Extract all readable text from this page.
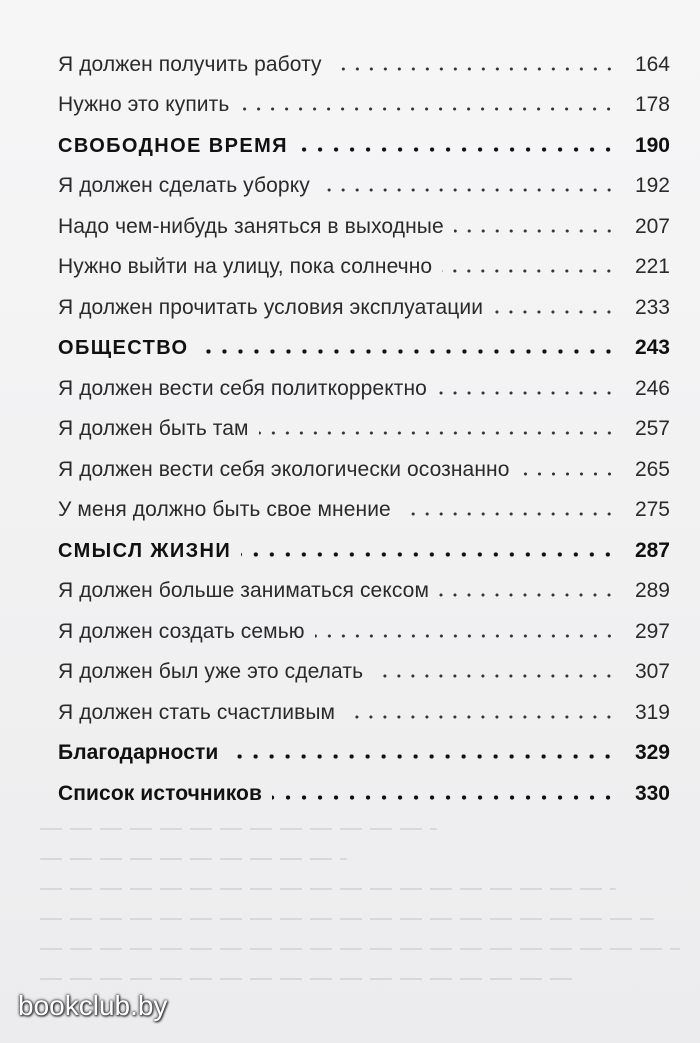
Я должен получить работу	164
Нужно это купить	178
СВОБОДНОЕ ВРЕМЯ	190
Я должен сделать уборку	192
Надо чем-нибудь заняться в выходные	207
Нужно выйти на улицу, пока солнечно	221
Я должен прочитать условия эксплуатации	233
ОБЩЕСТВО	243
Я должен вести себя политкорректно	246
Я должен быть там	257
Я должен вести себя экологически осознанно	265
У меня должно быть свое мнение	275
СМЫСЛ ЖИЗНИ	287
Я должен больше заниматься сексом	289
Я должен создать семью	297
Я должен был уже это сделать	307
Я должен стать счастливым	319
Благодарности	329
Список источников	330
bookclub.by
